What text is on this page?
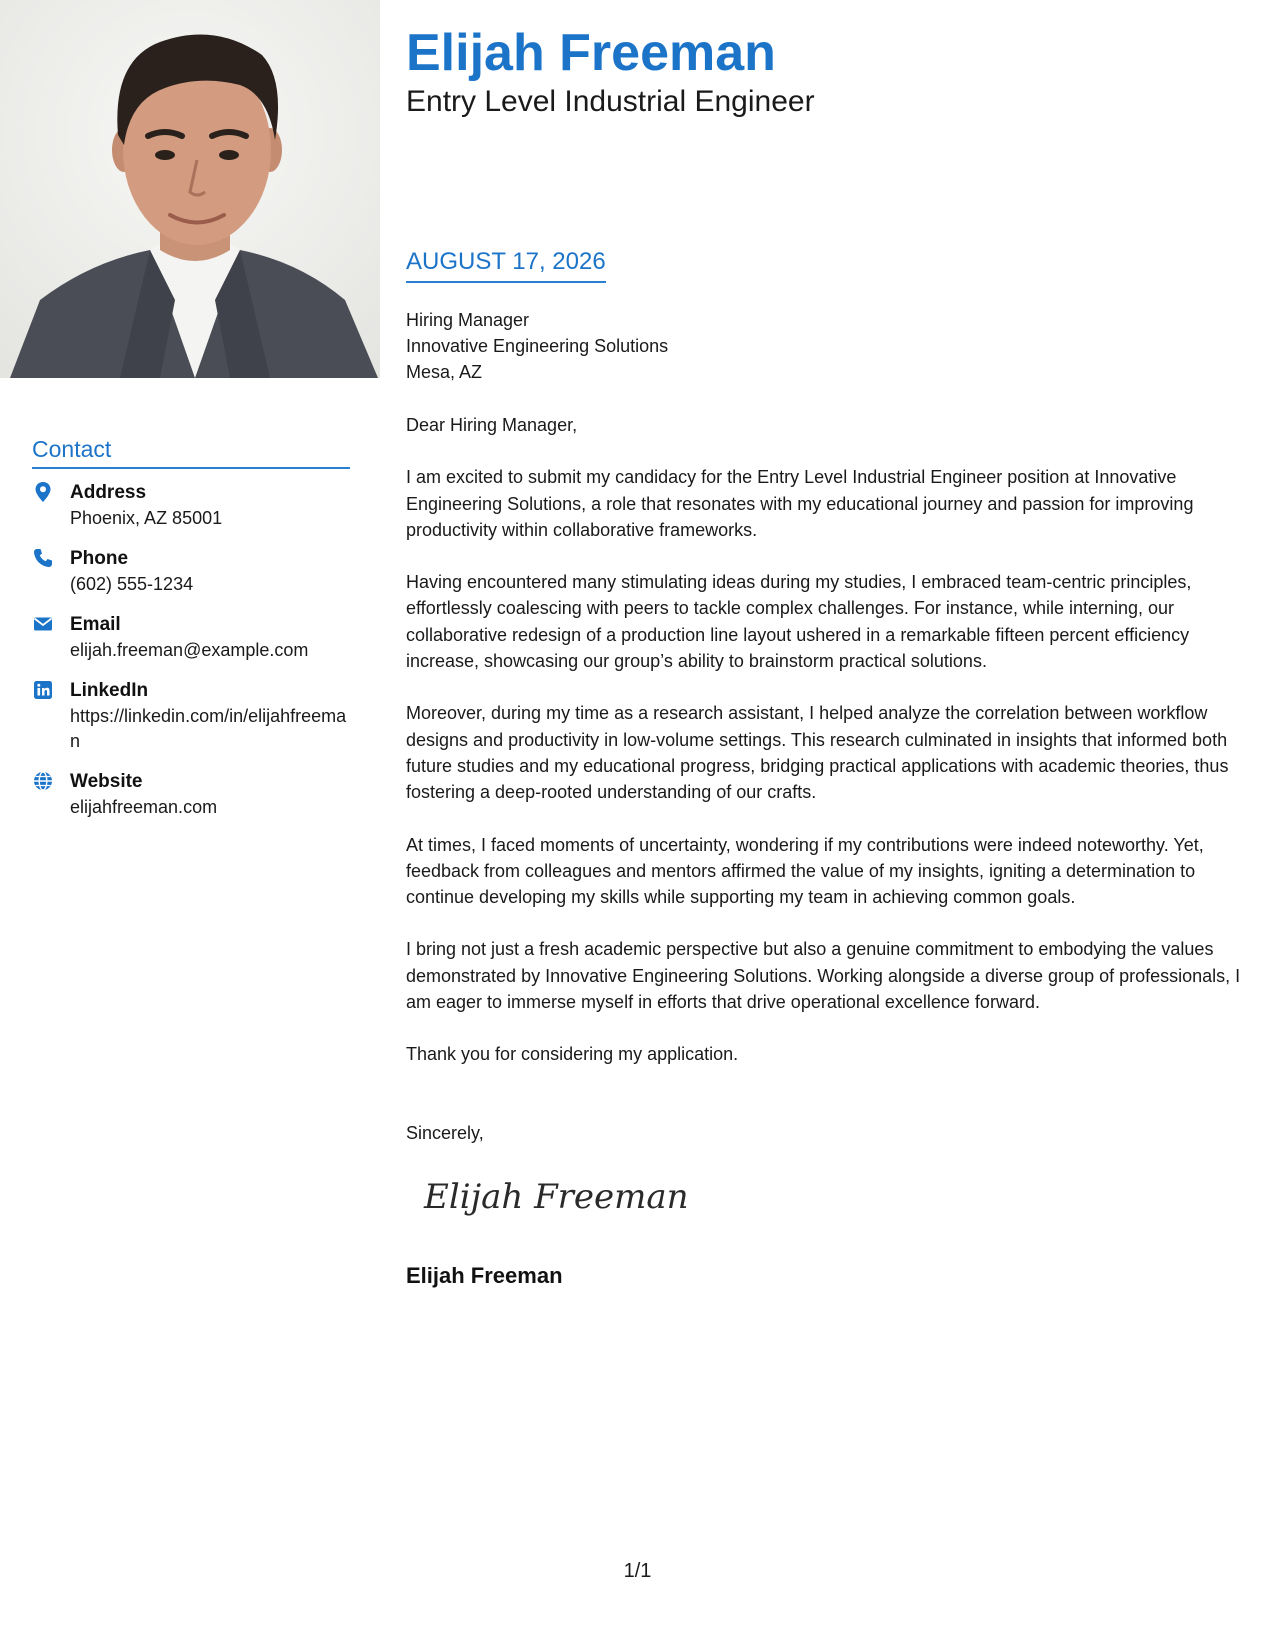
Contact
Address
Phoenix, AZ 85001
Phone
(602) 555-1234
Email
elijah.freeman@example.com
LinkedIn
https://linkedin.com/in/elijahfreeman
Website
elijahfreeman.com
Elijah Freeman
Entry Level Industrial Engineer
AUGUST 17, 2026
Hiring Manager
Innovative Engineering Solutions
Mesa, AZ

Dear Hiring Manager,

I am excited to submit my candidacy for the Entry Level Industrial Engineer position at Innovative Engineering Solutions, a role that resonates with my educational journey and passion for improving productivity within collaborative frameworks.

Having encountered many stimulating ideas during my studies, I embraced team-centric principles, effortlessly coalescing with peers to tackle complex challenges. For instance, while interning, our collaborative redesign of a production line layout ushered in a remarkable fifteen percent efficiency increase, showcasing our group’s ability to brainstorm practical solutions.

Moreover, during my time as a research assistant, I helped analyze the correlation between workflow designs and productivity in low-volume settings. This research culminated in insights that informed both future studies and my educational progress, bridging practical applications with academic theories, thus fostering a deep-rooted understanding of our crafts.

At times, I faced moments of uncertainty, wondering if my contributions were indeed noteworthy. Yet, feedback from colleagues and mentors affirmed the value of my insights, igniting a determination to continue developing my skills while supporting my team in achieving common goals.

I bring not just a fresh academic perspective but also a genuine commitment to embodying the values demonstrated by Innovative Engineering Solutions. Working alongside a diverse group of professionals, I am eager to immerse myself in efforts that drive operational excellence forward.

Thank you for considering my application.

Sincerely,
Elijah Freeman
Elijah Freeman
1/1
